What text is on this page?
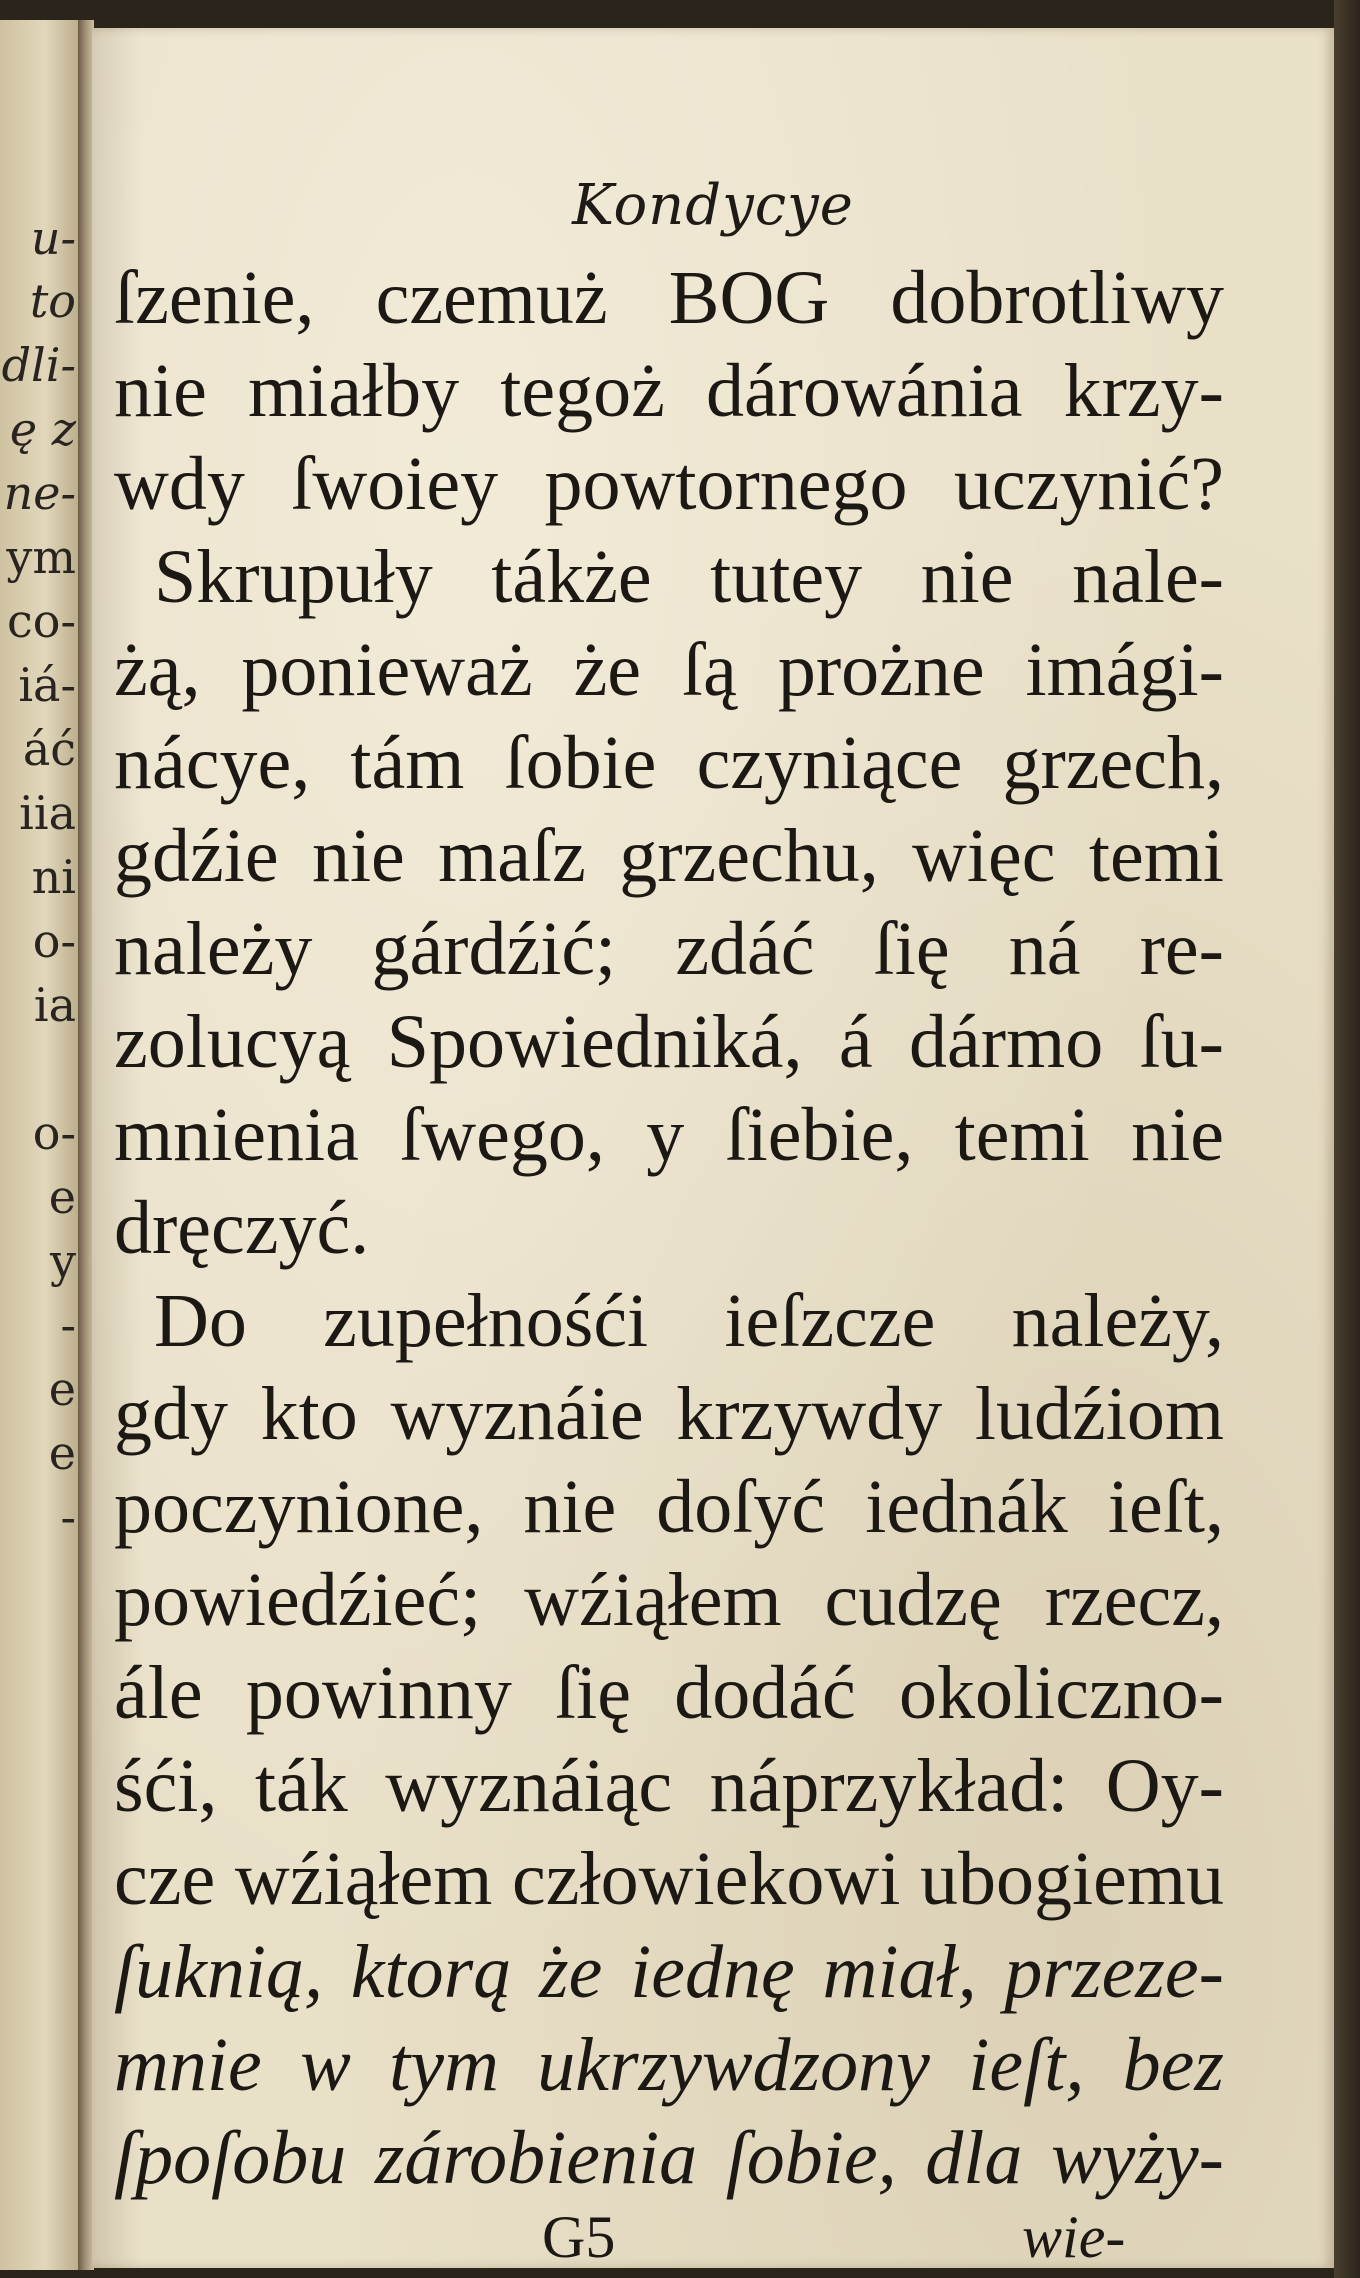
u-
to
dli-
ę z
ne-
ym
co-
iá-
áć
iia
ni
o-
ia
o-
e
y
-
e
e
-
Kondycye
ſzenie, czemuż BOG dobrotliwy
nie miałby tegoż dárowánia krzy-
wdy ſwoiey powtornego uczynić?
Skrupuły tákże tutey nie nale-
żą, ponieważ że ſą prożne imági-
nácye, tám ſobie czyniące grzech,
gdźie nie maſz grzechu, więc temi
należy gárdźić; zdáć ſię ná re-
zolucyą Spowiedniká, á dármo ſu-
mnienia ſwego, y ſiebie, temi nie
dręczyć.
Do zupełnośći ieſzcze należy,
gdy kto wyznáie krzywdy ludźiom
poczynione, nie doſyć iednák ieſt,
powiedźieć; wźiąłem cudzę rzecz,
ále powinny ſię dodáć okoliczno-
śći, ták wyznáiąc náprzykład: Oy-
cze wźiąłem człowiekowi ubogiemu
ſuknią, ktorą że iednę miał, przeze-
mnie w tym ukrzywdzony ieſt, bez
ſpoſobu zárobienia ſobie, dla wyży-
G5	wie-
